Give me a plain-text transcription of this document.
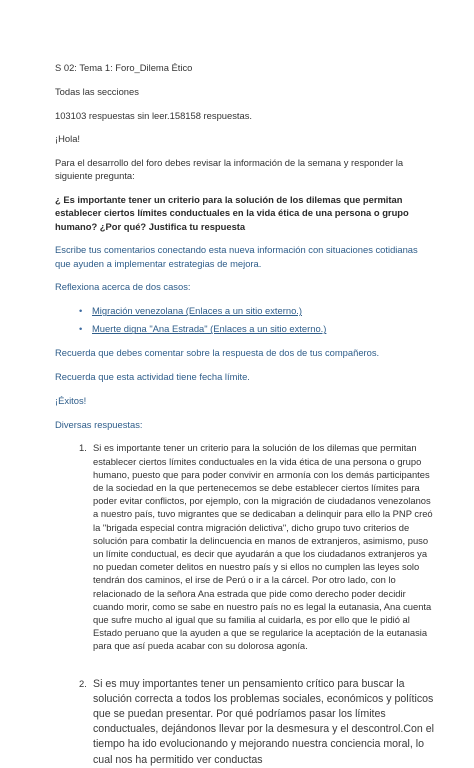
S 02: Tema 1: Foro_Dilema Ético

Todas las secciones

103103 respuestas sin leer.158158 respuestas.

¡Hola!

Para el desarrollo del foro debes revisar la información de la semana y responder la siguiente pregunta:

¿ Es importante tener un criterio para la solución de los dilemas que permitan establecer ciertos límites conductuales en la vida ética de una persona o grupo humano? ¿Por qué? Justifica tu respuesta

Escribe tus comentarios conectando esta nueva información con situaciones cotidianas que ayuden a implementar estrategias de mejora.

Reflexiona acerca de dos casos:

• Migración venezolana (Enlaces a un sitio externo.)
• Muerte digna "Ana Estrada" (Enlaces a un sitio externo.)

Recuerda que debes comentar sobre la respuesta de dos de tus compañeros.

Recuerda que esta actividad tiene fecha límite.

¡Éxitos!

Diversas respuestas:

1. Si es importante tener un criterio para la solución de los dilemas que permitan establecer ciertos límites conductuales en la vida ética de una persona o grupo humano, puesto que para poder convivir en armonía con los demás participantes de la sociedad en la que pertenecemos se debe establecer ciertos límites para poder evitar conflictos, por ejemplo, con la migración de ciudadanos venezolanos a nuestro país, tuvo migrantes que se dedicaban a delinquir para ello la PNP creó la "brigada especial contra migración delictiva", dicho grupo tuvo criterios de solución para combatir la delincuencia en manos de extranjeros, asimismo, puso un límite conductual, es decir que ayudarán a que los ciudadanos extranjeros ya no puedan cometer delitos en nuestro país y si ellos no cumplen las leyes solo tendrán dos caminos, el irse de Perú o ir a la cárcel. Por otro lado, con lo relacionado de la señora Ana estrada que pide como derecho poder decidir cuando morir, como se sabe en nuestro país no es legal la eutanasia, Ana cuenta que sufre mucho al igual que su familia al cuidarla, es por ello que le pidió al Estado peruano que la ayuden a que se regularice la aceptación de la eutanasia para que así pueda acabar con su dolorosa agonía.

2. Si es muy importantes tener un pensamiento crítico para buscar la solución correcta a todos los problemas sociales, económicos y políticos que se puedan presentar. Por qué podríamos pasar los límites conductuales, dejándonos llevar por la desmesura y el descontrol.Con el tiempo ha ido evolucionando y mejorando nuestra conciencia moral, lo cual nos ha permitido ver conductas
